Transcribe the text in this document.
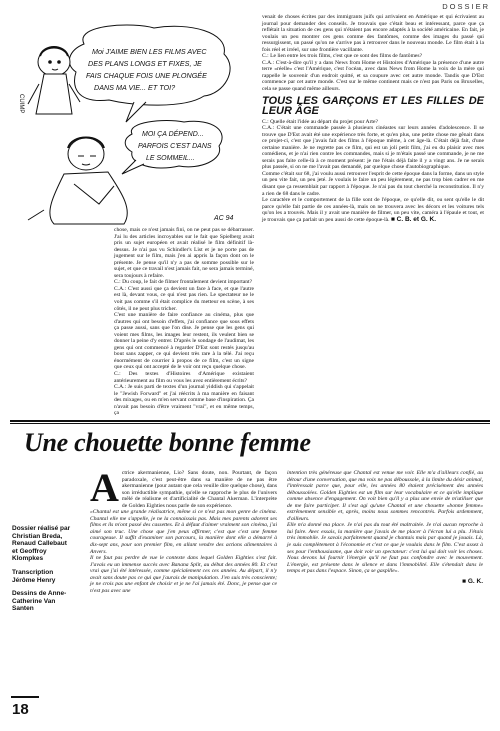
DOSSIER
Moi J'AIME BIEN LES FILMS AVEC DES PLANS LONGS ET FIXES, JE FAIS CHAQUE FOIS UNE PLONGÉE DANS MA VIE... ET TOI?
MOI ÇA DÉPEND... PARFOIS C'EST DANS LE SOMMEIL...
CUIMP
AC 94

chose, mais ce n'est jamais fini, on ne peut pas se débarrasser. J'ai lu des articles incroyables sur le fait que Spielberg avait pris un sujet européen et avait réalisé le film définitif là-dessus. Je n'ai pas vu Schindler's List et je ne porte pas de jugement sur le film, mais j'en ai appris la façon dont on le présente. Je pense qu'il n'y a pas de somme possible sur le sujet, et que ce travail n'est jamais fait, ne sera jamais terminé, sera toujours à refaire.

C.: Du coup, le fait de filmer frontalement devient important?

C.A.: C'est aussi que ça devient un face à face, et que l'autre est là, devant vous, ce qui n'est pas rien. Le spectateur ne le voit pas comme s'il était complice du metteur en scène, à ses côtés, il ne peut plus tricher.

C'est une manière de faire confiance au cinéma, plus que d'autres qui ont besoin d'effets, j'ai confiance que sous effets ça passe aussi, sans que l'on dise. Je pense que les gens qui voient mes films, les images leur restent, ils veulent bien se donner la peine d'y entrer. D'après le sondage de l'audimat, les gens qui ont commencé à regarder D'Est sont restés jusqu'au bout sans zapper, ce qui devient très rare à la télé. J'ai reçu énormément de courrier à propos de ce film, c'est un signe que ceux qui ont accepté de le voir ont reçu quelque chose.

C.: Des textes d'Histoires d'Amérique existaient antérieurement au film ou vous les avez entièrement écrits?

C.A.: Je suis parti de textes d'un journal yiddish qui s'appelait le "Jewish Forward" et j'ai réécrits à ma manière en faisant des mixages, ou en m'en servant comme base d'inspiration. Ça n'avait pas besoin d'être vraiment "vrai", et en même temps, ça

venait de choses écrites par des immigrants juifs qui arrivaient en Amérique et qui écrivaient au journal pour demander des conseils. Je trouvais que c'était beau et intéressant, parce que ça reflétait la situation de ces gens qui n'étaient pas encore adaptés à la société américaine. En fait, je voulais un peu montrer ces gens comme des fantômes, comme des images du passé qui ressurgissent, un passé qu'on ne s'arrive pas à retrouver dans le nouveau monde. Le film était à la fois réel et irréel, sur une frontière vacillante.

C.: Le lien entre les trois films, c'est que ce sont des films de fantômes?

C.A.: C'est-à-dire qu'il y a dans News from Home et Histoires d'Amérique la présence d'une autre terre «réelle» c'est l'Amérique, c'est l'océan, avec dans News from Home la voix de la mère qui rappelle le souvenir d'un endroit quitté, et sa coupure avec cet autre monde. Tandis que D'Est commence par cet autre monde. C'est sur le même continent mais ce n'est pas Paris ou Bruxelles, cela se passe quand même ailleurs.

TOUS LES GARÇONS ET LES FILLES DE LEUR ÂGE

C.: Quelle était l'idée au départ du projet pour Arte?

C.A.: C'était une commande passée à plusieurs cinéastes sur leurs années d'adolescence. Il se trouve que D'Est avait été une expérience très forte, et qu'en plus, une petite chose me gênait dans ce projet-ci, c'est que j'avais fait des films à l'époque même, à cet âge-là. C'était déjà fait, d'une certaine manière. Je ne regrette pas ce film, qui est un joli petit film, j'ai eu du plaisir avec mes comédiens, et je n'ai rien contre les commandes, mais si je m'étais passé une commande, je ne me serais pas faite celle-là à ce moment présent: je me l'étais déjà faite il y a vingt ans. Je ne serais plus passée, si on ne me l'avait pas demandé, par quelque chose d'autobiographique.

Comme c'était sur 68, j'ai voulu aussi retrouver l'esprit de cette époque dans la forme, dans un style un peu vite fait, un peu jeté. Je voulais le faire un peu légèrement, ne pas trop bien cadrer en me disant que ça ressemblait par rapport à l'époque. Je n'ai pas du tout cherché la reconstitution. Il n'y a rien de 68 dans le cadre.

Le caractère et le comportement de la fille sont de l'époque, ce qu'elle dit, ou sent qu'elle le dit parce qu'elle fait partie de ces années-là, mais on ne trouvera avec les décors et les voitures tels qu'on les a trouvés. Mais il y avait une manière de filmer, un peu vite, caméra à l'épaule et tout, et je trouvais que ça parlait un peu aussi de cette époque-là. ■ C. B. et G. K.

Une chouette bonne femme

Dossier réalisé par Christian Breda, Renaud Callebaut et Geoffroy Klompkes

Transcription Jérôme Henry

Dessins de Anne-Catherine Van Santen

Actrice akermanienne, Lio? Sans doute, non. Pourtant, de façon paradoxale, c'est peut-être dans sa manière de ne pas être akermanienne (pour autant que cela veuille dire quelque chose), dans son irréductible sympathie, qu'elle se rapproche le plus de l'univers mêlé de réalisme et d'artificialité de Chantal Akerman. L'interprète de Golden Eighties nous parle de son expérience.

«Chantal est une grande réalisatrice, même si ce n'est pas mon genre de cinéma. Chantal elle me s'appelle, je ne la connaissais pas. Mais mes parents adorent ses films et ils m'ont passé des cassettes. Et à défaut d'aimer vraiment son cinéma, j'ai aimé son truc. Une chose que j'en peux affirmer, c'est que c'est une femme courageuse. Il suffit d'examiner son parcours, la manière dont elle a démarré à dix-sept ans, pour son premier film, en allant vendre des actions alimentaires à Anvers.

Il ne faut pas perdre de vue le contexte dans lequel Golden Eighties s'est fait. J'avais eu un immense succès avec Banana Split, au début des années 80. Et c'est vrai que j'ai été intéressée, comme spécialement ces ces années. Au départ, il n'y avait sans doute pas ce qui que j'aurais de manipulation. J'en suis très consciente; je ne crois pas une enfant de choisir et je ne l'ai jamais été. Donc, je pense que ce n'est pas avec une

intention très généreuse que Chantal est venue me voir. Elle m'a d'ailleurs confié, au détour d'une conversation, que ma voix ne pas déboussole, à la limite du désir animal, l'intéressait parce que, pour elle, les années 80 étaient précisément des années déboussolées. Golden Eighties est un film sur leur vocabulaire et ce qu'elle implique comme absence d'engagement. On voit bien qu'il y a plus une envie de m'utiliser que de me faire participer. Il s'est agi qu'une Chantal et une chouette «bonne femme» extrêmement sensible et, après, moins nous sommes rencontrés. Parfois ardemment, d'ailleurs.

Elle m'a donné ma place. Je n'ai pas du tout été maltraitée. Je n'ai aucun reproche à lui faire. Avec essais, la manière que j'avais de me placer à l'écran lui a plu. J'étais très immobile. Je savais parfaitement quand je chantais mais par quand je jouais. Là, je suis complètement à l'économie et c'est ce que je voulais dans le film. C'est assez à ses pour l'enthousiasme, que doit voir un spectateur: c'est lui qui doit voir les choses. Nous devons lui fournir l'énergie qu'il ne faut pas confondre avec le mouvement. L'énergie, est présente dans le silence et dans l'immobilité. Elle s'étendait dans le temps et pas dans l'espace. Sinon, ça se gaspille».

■ G. K.

18
